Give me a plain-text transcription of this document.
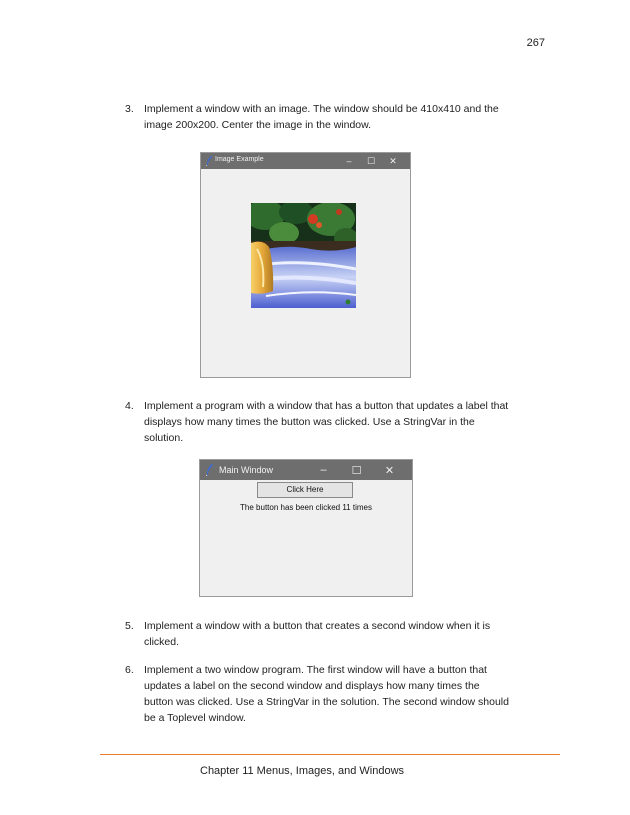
267
3. Implement a window with an image. The window should be 410x410 and the image 200x200. Center the image in the window.
Image Example	–	☐	✕
4. Implement a program with a window that has a button that updates a label that displays how many times the button was clicked. Use a StringVar in the solution.
Main Window	–	☐	✕
Click Here
The button has been clicked 11 times
5. Implement a window with a button that creates a second window when it is clicked.
6. Implement a two window program. The first window will have a button that updates a label on the second window and displays how many times the button was clicked. Use a StringVar in the solution. The second window should be a Toplevel window.
Chapter 11 Menus, Images, and Windows
